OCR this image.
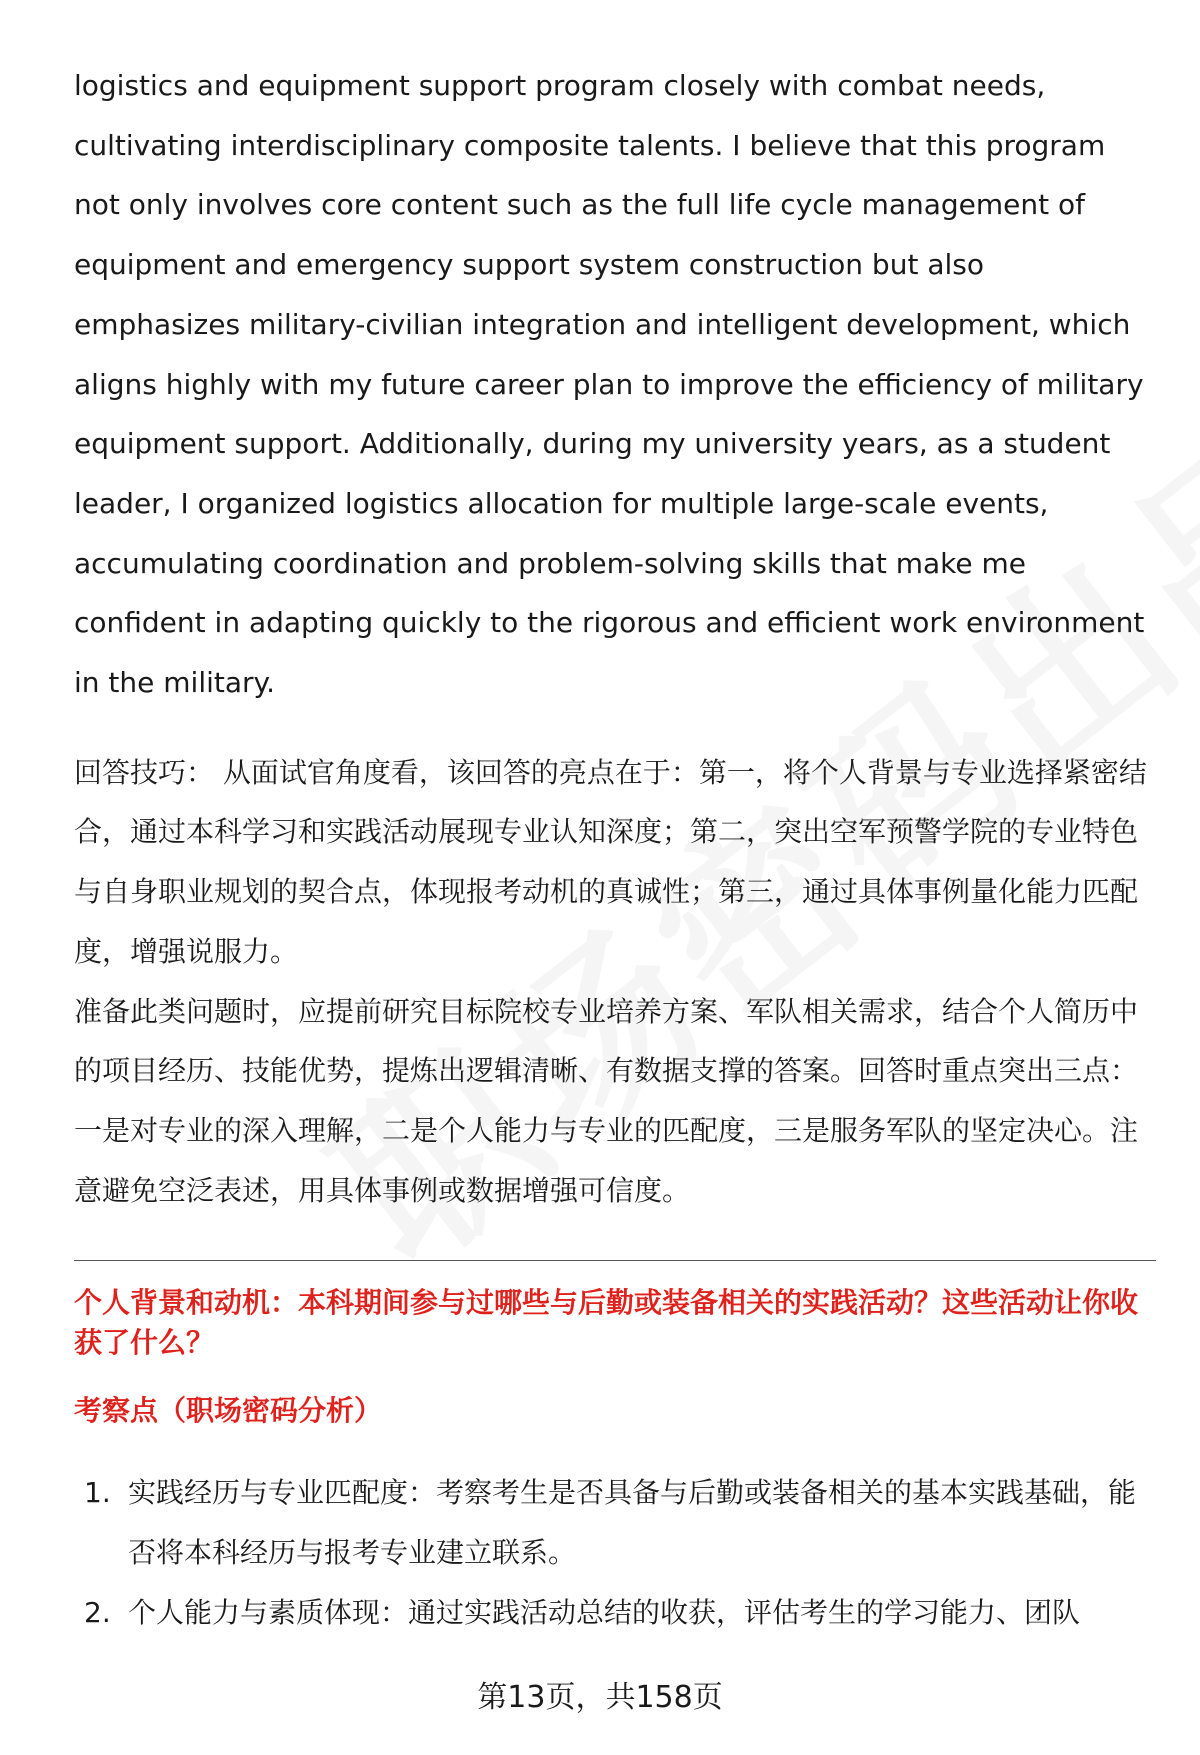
logistics and equipment support program closely with combat needs, cultivating interdisciplinary composite talents. I believe that this program not only involves core content such as the full life cycle management of equipment and emergency support system construction but also emphasizes military-civilian integration and intelligent development, which aligns highly with my future career plan to improve the efficiency of military equipment support. Additionally, during my university years, as a student leader, I organized logistics allocation for multiple large-scale events, accumulating coordination and problem-solving skills that make me confident in adapting quickly to the rigorous and efficient work environment in the military.

回答技巧： 从面试官角度看，该回答的亮点在于：第一，将个人背景与专业选择紧密结合，通过本科学习和实践活动展现专业认知深度；第二，突出空军预警学院的专业特色与自身职业规划的契合点，体现报考动机的真诚性；第三，通过具体事例量化能力匹配度，增强说服力。

准备此类问题时，应提前研究目标院校专业培养方案、军队相关需求，结合个人简历中的项目经历、技能优势，提炼出逻辑清晰、有数据支撑的答案。回答时重点突出三点：一是对专业的深入理解，二是个人能力与专业的匹配度，三是服务军队的坚定决心。注意避免空泛表述，用具体事例或数据增强可信度。

个人背景和动机：本科期间参与过哪些与后勤或装备相关的实践活动？这些活动让你收获了什么？
考察点（职场密码分析）
1. 实践经历与专业匹配度：考察考生是否具备与后勤或装备相关的基本实践基础，能否将本科经历与报考专业建立联系。
2. 个人能力与素质体现：通过实践活动总结的收获，评估考生的学习能力、团队
第13页，共158页
